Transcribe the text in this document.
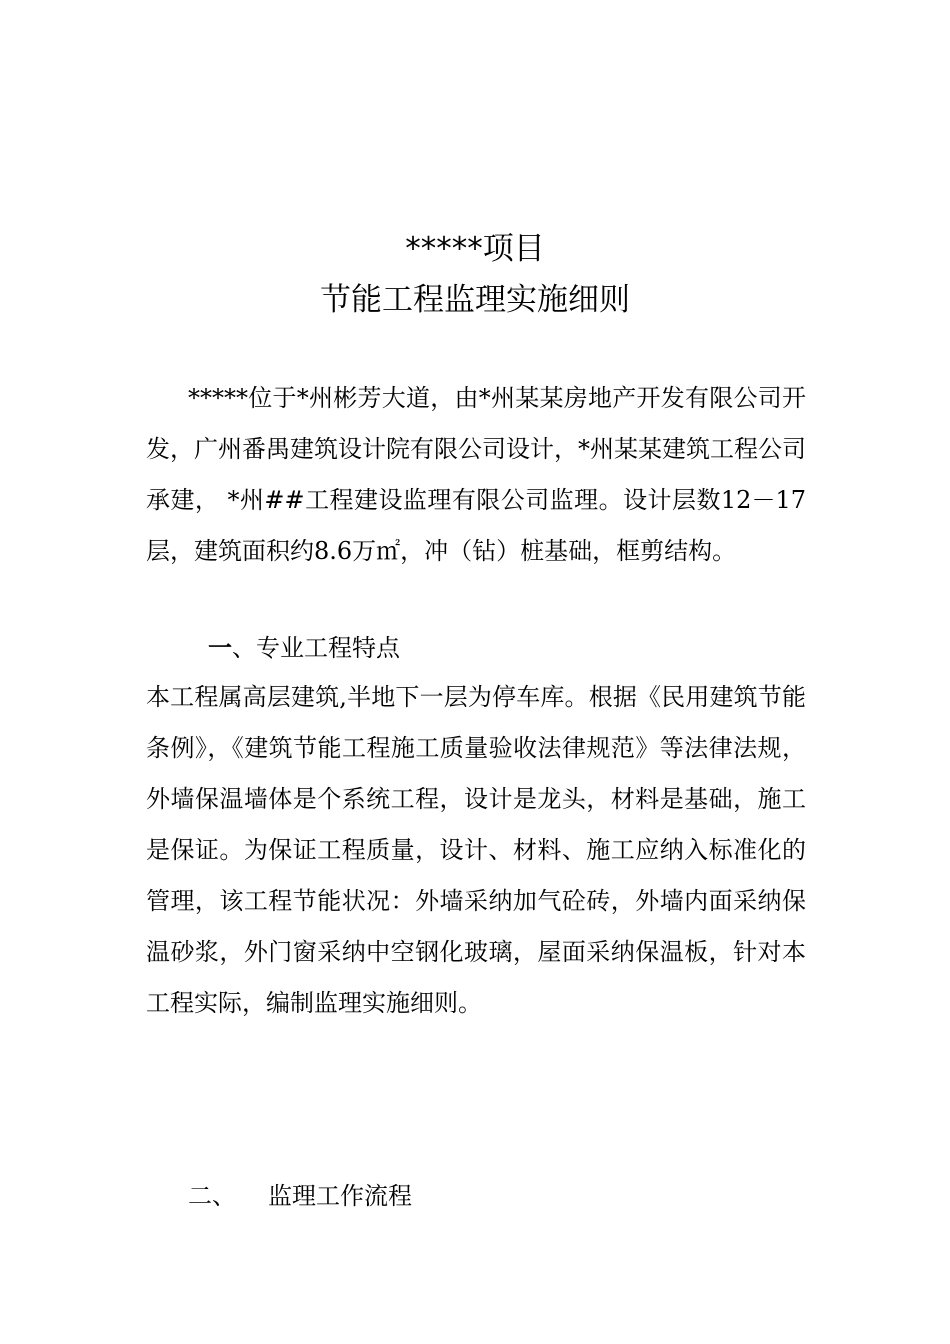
*****项目
节能工程监理实施细则
*****位于*州彬芳大道，由*州某某房地产开发有限公司开发，广州番禺建筑设计院有限公司设计，*州某某建筑工程公司承建， *州##工程建设监理有限公司监理。设计层数12－17层，建筑面积约8.6万㎡，冲（钻）桩基础，框剪结构。
一、专业工程特点
本工程属高层建筑,半地下一层为停车库。根据《民用建筑节能条例》，《建筑节能工程施工质量验收法律规范》等法律法规，外墙保温墙体是个系统工程，设计是龙头，材料是基础，施工是保证。为保证工程质量，设计、材料、施工应纳入标准化的管理，该工程节能状况：外墙采纳加气砼砖，外墙内面采纳保温砂浆，外门窗采纳中空钢化玻璃，屋面采纳保温板，针对本工程实际，编制监理实施细则。
二、 监理工作流程
